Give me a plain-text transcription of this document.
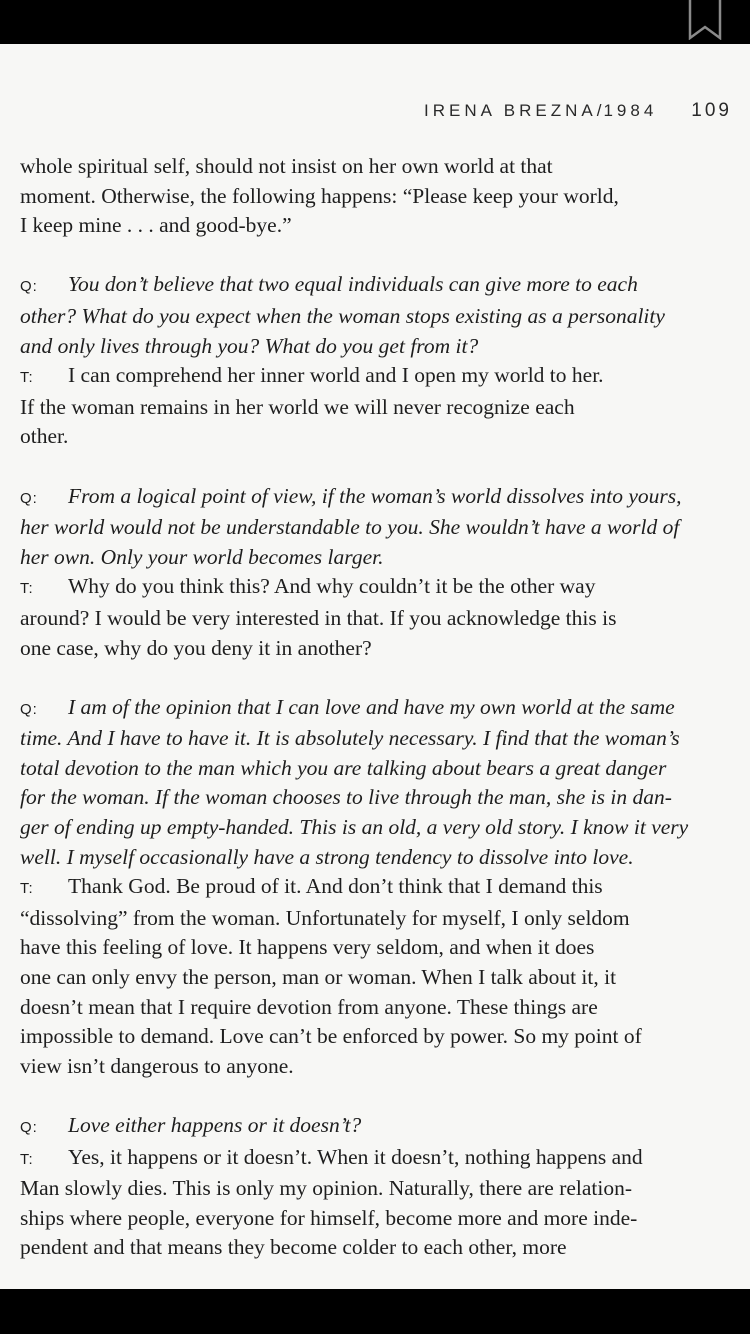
IRENA BREZNA/1984 109
whole spiritual self, should not insist on her own world at that
moment. Otherwise, the following happens: “Please keep your world,
I keep mine . . . and good-bye.”
Q: You don’t believe that two equal individuals can give more to each
other? What do you expect when the woman stops existing as a personality
and only lives through you? What do you get from it?
T: I can comprehend her inner world and I open my world to her.
If the woman remains in her world we will never recognize each
other.
Q: From a logical point of view, if the woman’s world dissolves into yours,
her world would not be understandable to you. She wouldn’t have a world of
her own. Only your world becomes larger.
T: Why do you think this? And why couldn’t it be the other way
around? I would be very interested in that. If you acknowledge this is
one case, why do you deny it in another?
Q: I am of the opinion that I can love and have my own world at the same
time. And I have to have it. It is absolutely necessary. I find that the woman’s
total devotion to the man which you are talking about bears a great danger
for the woman. If the woman chooses to live through the man, she is in dan-
ger of ending up empty-handed. This is an old, a very old story. I know it very
well. I myself occasionally have a strong tendency to dissolve into love.
T: Thank God. Be proud of it. And don’t think that I demand this
“dissolving” from the woman. Unfortunately for myself, I only seldom
have this feeling of love. It happens very seldom, and when it does
one can only envy the person, man or woman. When I talk about it, it
doesn’t mean that I require devotion from anyone. These things are
impossible to demand. Love can’t be enforced by power. So my point of
view isn’t dangerous to anyone.
Q: Love either happens or it doesn’t?
T: Yes, it happens or it doesn’t. When it doesn’t, nothing happens and
Man slowly dies. This is only my opinion. Naturally, there are relation-
ships where people, everyone for himself, become more and more inde-
pendent and that means they become colder to each other, more
